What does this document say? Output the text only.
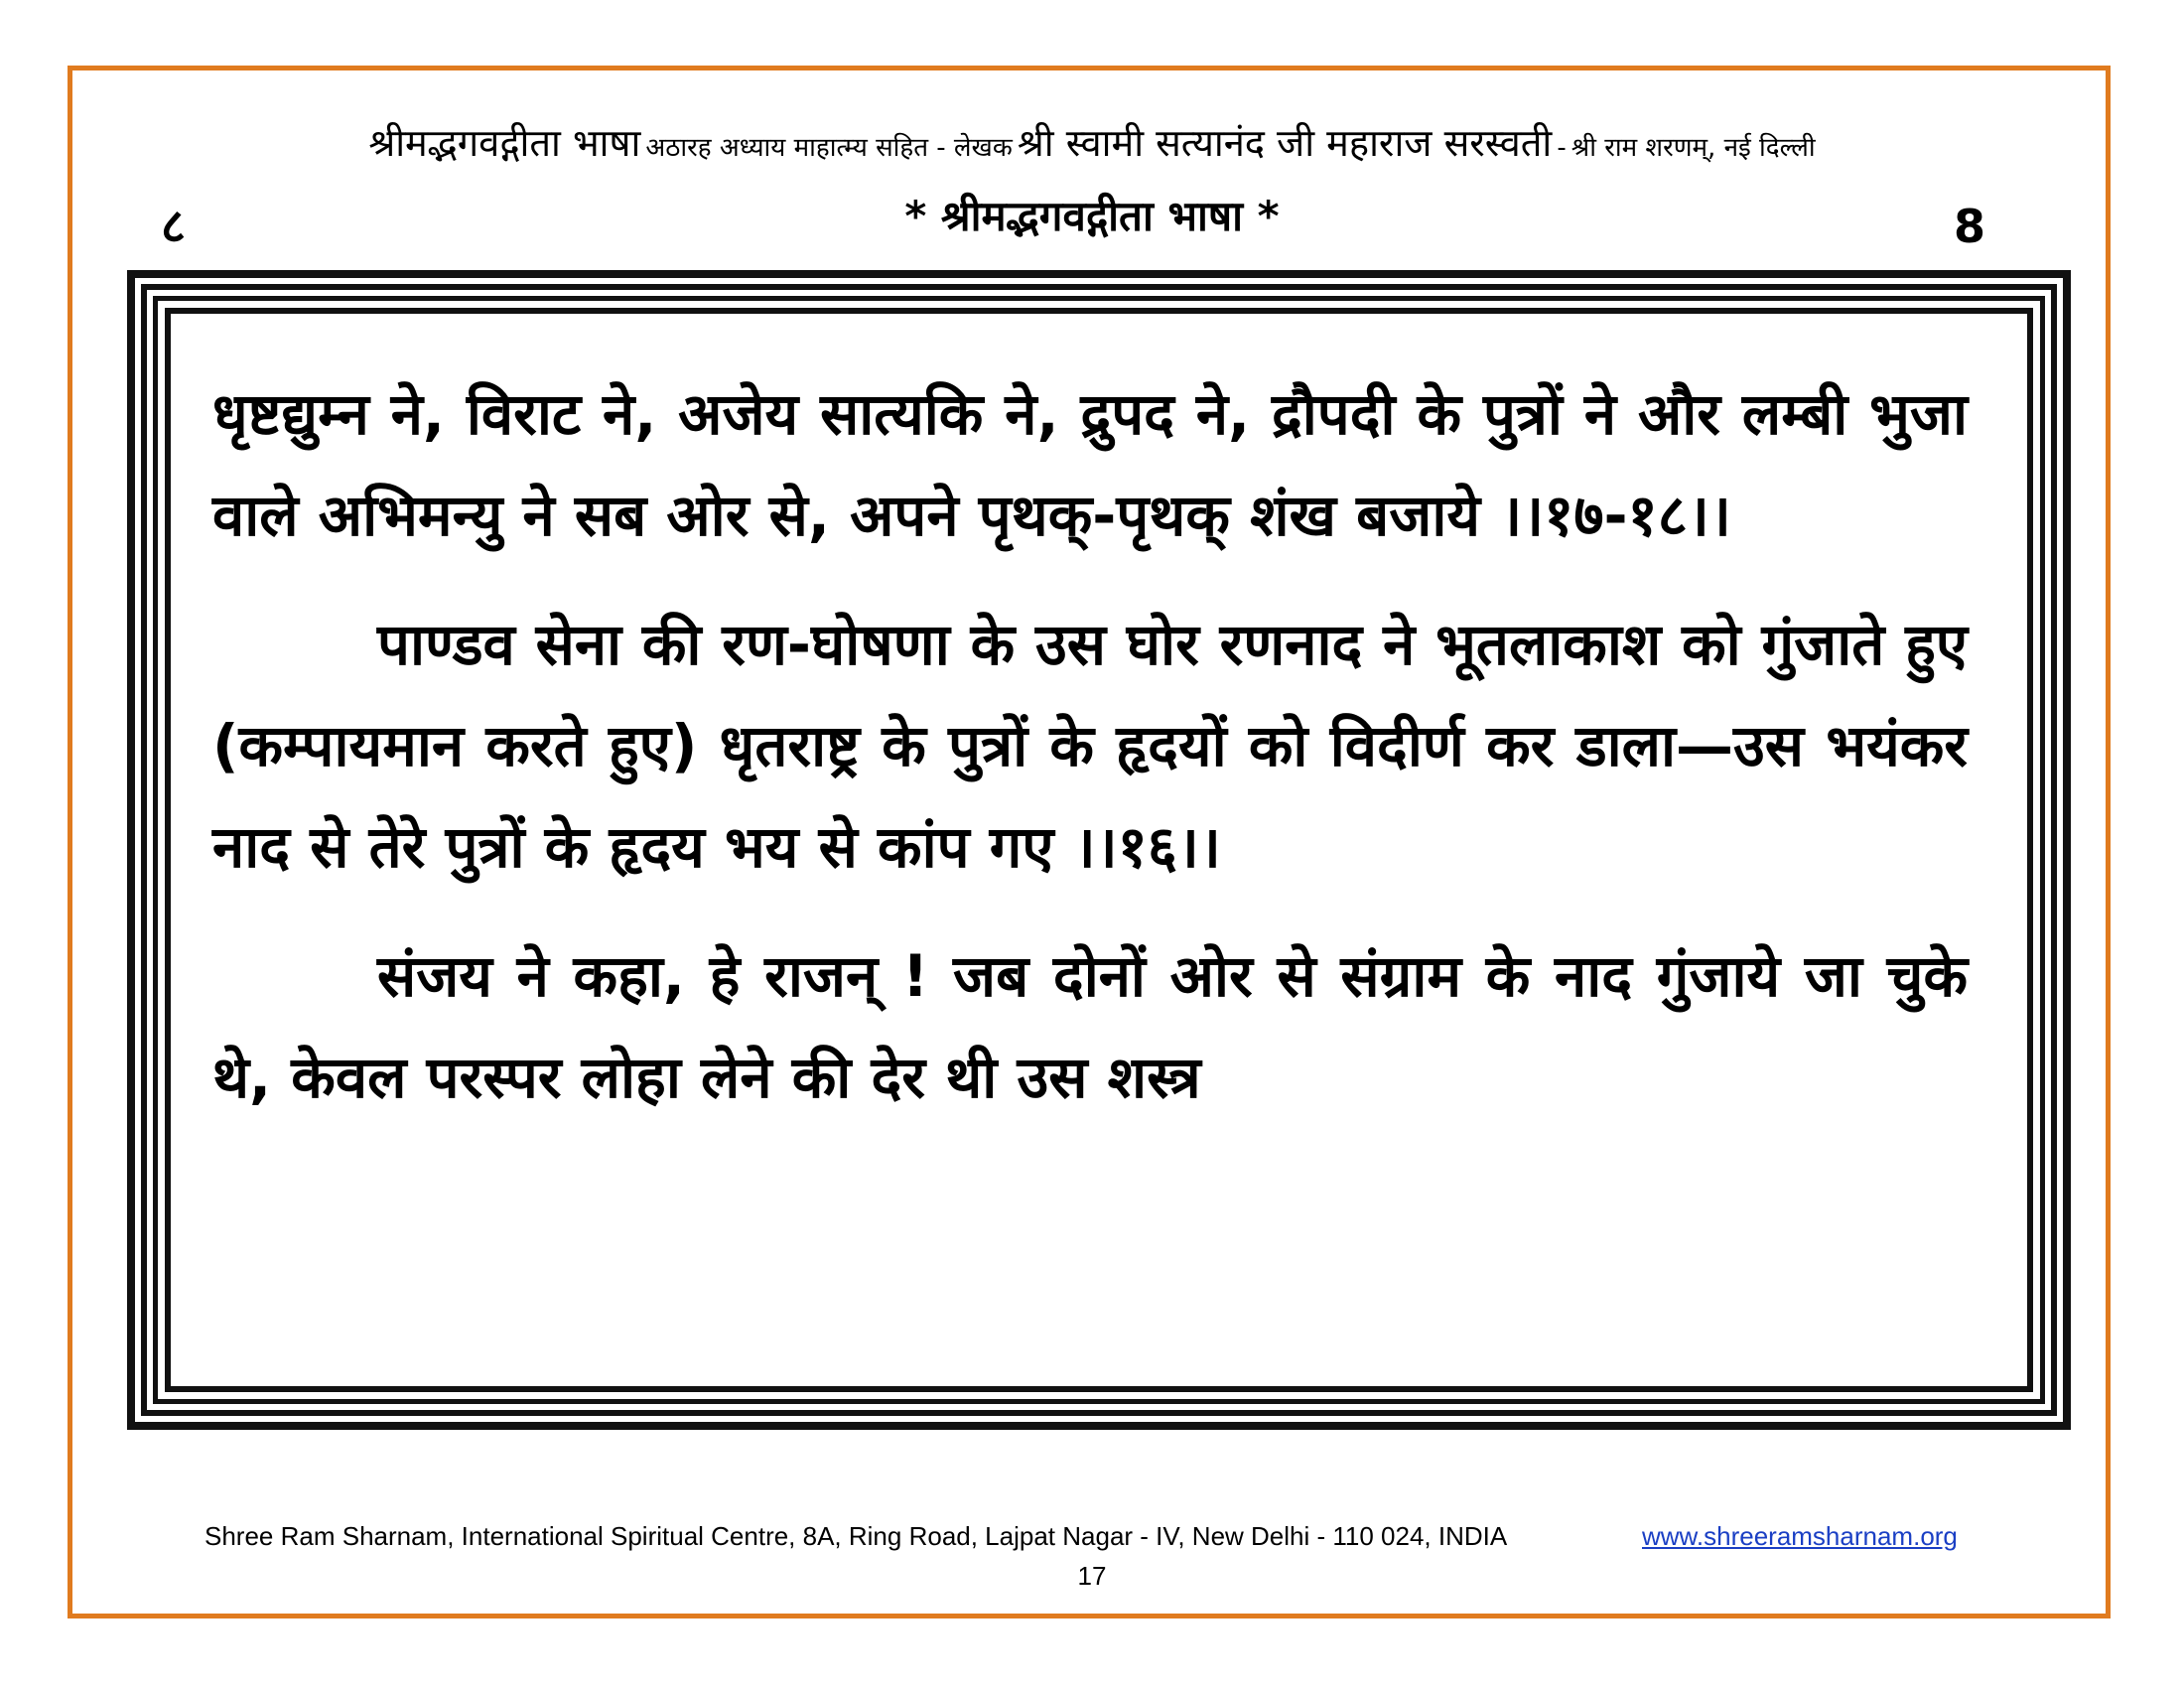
श्रीमद्भगवद्गीता भाषा अठारह अध्याय माहात्म्य सहित - लेखक श्री स्वामी सत्यानंद जी महाराज सरस्वती - श्री राम शरणम्, नई दिल्ली
८	* श्रीमद्भगवद्गीता भाषा *	8

धृष्टद्युम्न ने, विराट ने, अजेय सात्यकि ने, द्रुपद ने, द्रौपदी के पुत्रों ने और लम्बी भुजा वाले अभिमन्यु ने सब ओर से, अपने पृथक्-पृथक् शंख बजाये ।।१७-१८।।

पाण्डव सेना की रण-घोषणा के उस घोर रणनाद ने भूतलाकाश को गुंजाते हुए (कम्पायमान करते हुए) धृतराष्ट्र के पुत्रों के हृदयों को विदीर्ण कर डाला—उस भयंकर नाद से तेरे पुत्रों के हृदय भय से कांप गए ।।१६।।

संजय ने कहा, हे राजन् ! जब दोनों ओर से संग्राम के नाद गुंजाये जा चुके थे, केवल परस्पर लोहा लेने की देर थी उस शस्त्र

Shree Ram Sharnam, International Spiritual Centre, 8A, Ring Road, Lajpat Nagar - IV, New Delhi - 110 024, INDIA	www.shreeramsharnam.org
17
